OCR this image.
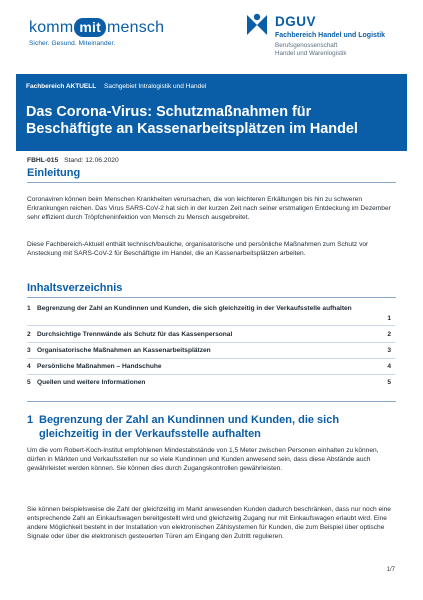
komm mit mensch
Sicher. Gesund. Miteinander.
DGUV
Fachbereich Handel und Logistik
Berufsgenossenschaft
Handel und Warenlogistik
Fachbereich AKTUELL Sachgebiet Intralogistik und Handel
Das Corona-Virus: Schutzmaßnahmen für Beschäftigte an Kassenarbeitsplätzen im Handel
FBHL-015 Stand: 12.06.2020
Einleitung

Coronaviren können beim Menschen Krankheiten verursachen, die von leichteren Erkältungen bis hin zu schweren Erkrankungen reichen. Das Virus SARS-CoV-2 hat sich in der kurzen Zeit nach seiner erstmaligen Entdeckung im Dezember sehr effizient durch Tröpfcheninfektion von Mensch zu Mensch ausgebreitet.

Diese Fachbereich-Aktuell enthält technisch/bauliche, organisatorische und persönliche Maßnahmen zum Schutz vor Ansteckung mit SARS-CoV-2 für Beschäftigte im Handel, die an Kassenarbeitsplätzen arbeiten.

Inhaltsverzeichnis
1 Begrenzung der Zahl an Kundinnen und Kunden, die sich gleichzeitig in der Verkaufsstelle aufhalten
1
2 Durchsichtige Trennwände als Schutz für das Kassenpersonal	2
3 Organisatorische Maßnahmen an Kassenarbeitsplätzen	3
4 Persönliche Maßnahmen – Handschuhe	4
5 Quellen und weitere Informationen	5
1 Begrenzung der Zahl an Kundinnen und Kunden, die sich gleichzeitig in der Verkaufsstelle aufhalten

Um die vom Robert-Koch-Institut empfohlenen Mindestabstände von 1,5 Meter zwischen Personen einhalten zu können, dürfen in Märkten und Verkaufsstellen nur so viele Kundinnen und Kunden anwesend sein, dass diese Abstände auch gewährleistet werden können. Sie können dies durch Zugangskontrollen gewährleisten.

Sie können beispielsweise die Zahl der gleichzeitig im Markt anwesenden Kunden dadurch beschränken, dass nur noch eine entsprechende Zahl an Einkaufswagen bereitgestellt wird und gleichzeitig Zugang nur mit Einkaufswagen erlaubt wird. Eine andere Möglichkeit besteht in der Installation von elektronischen Zählsystemen für Kunden, die zum Beispiel über optische Signale oder über die elektronisch gesteuerten Türen am Eingang den Zutritt regulieren.

1/7
